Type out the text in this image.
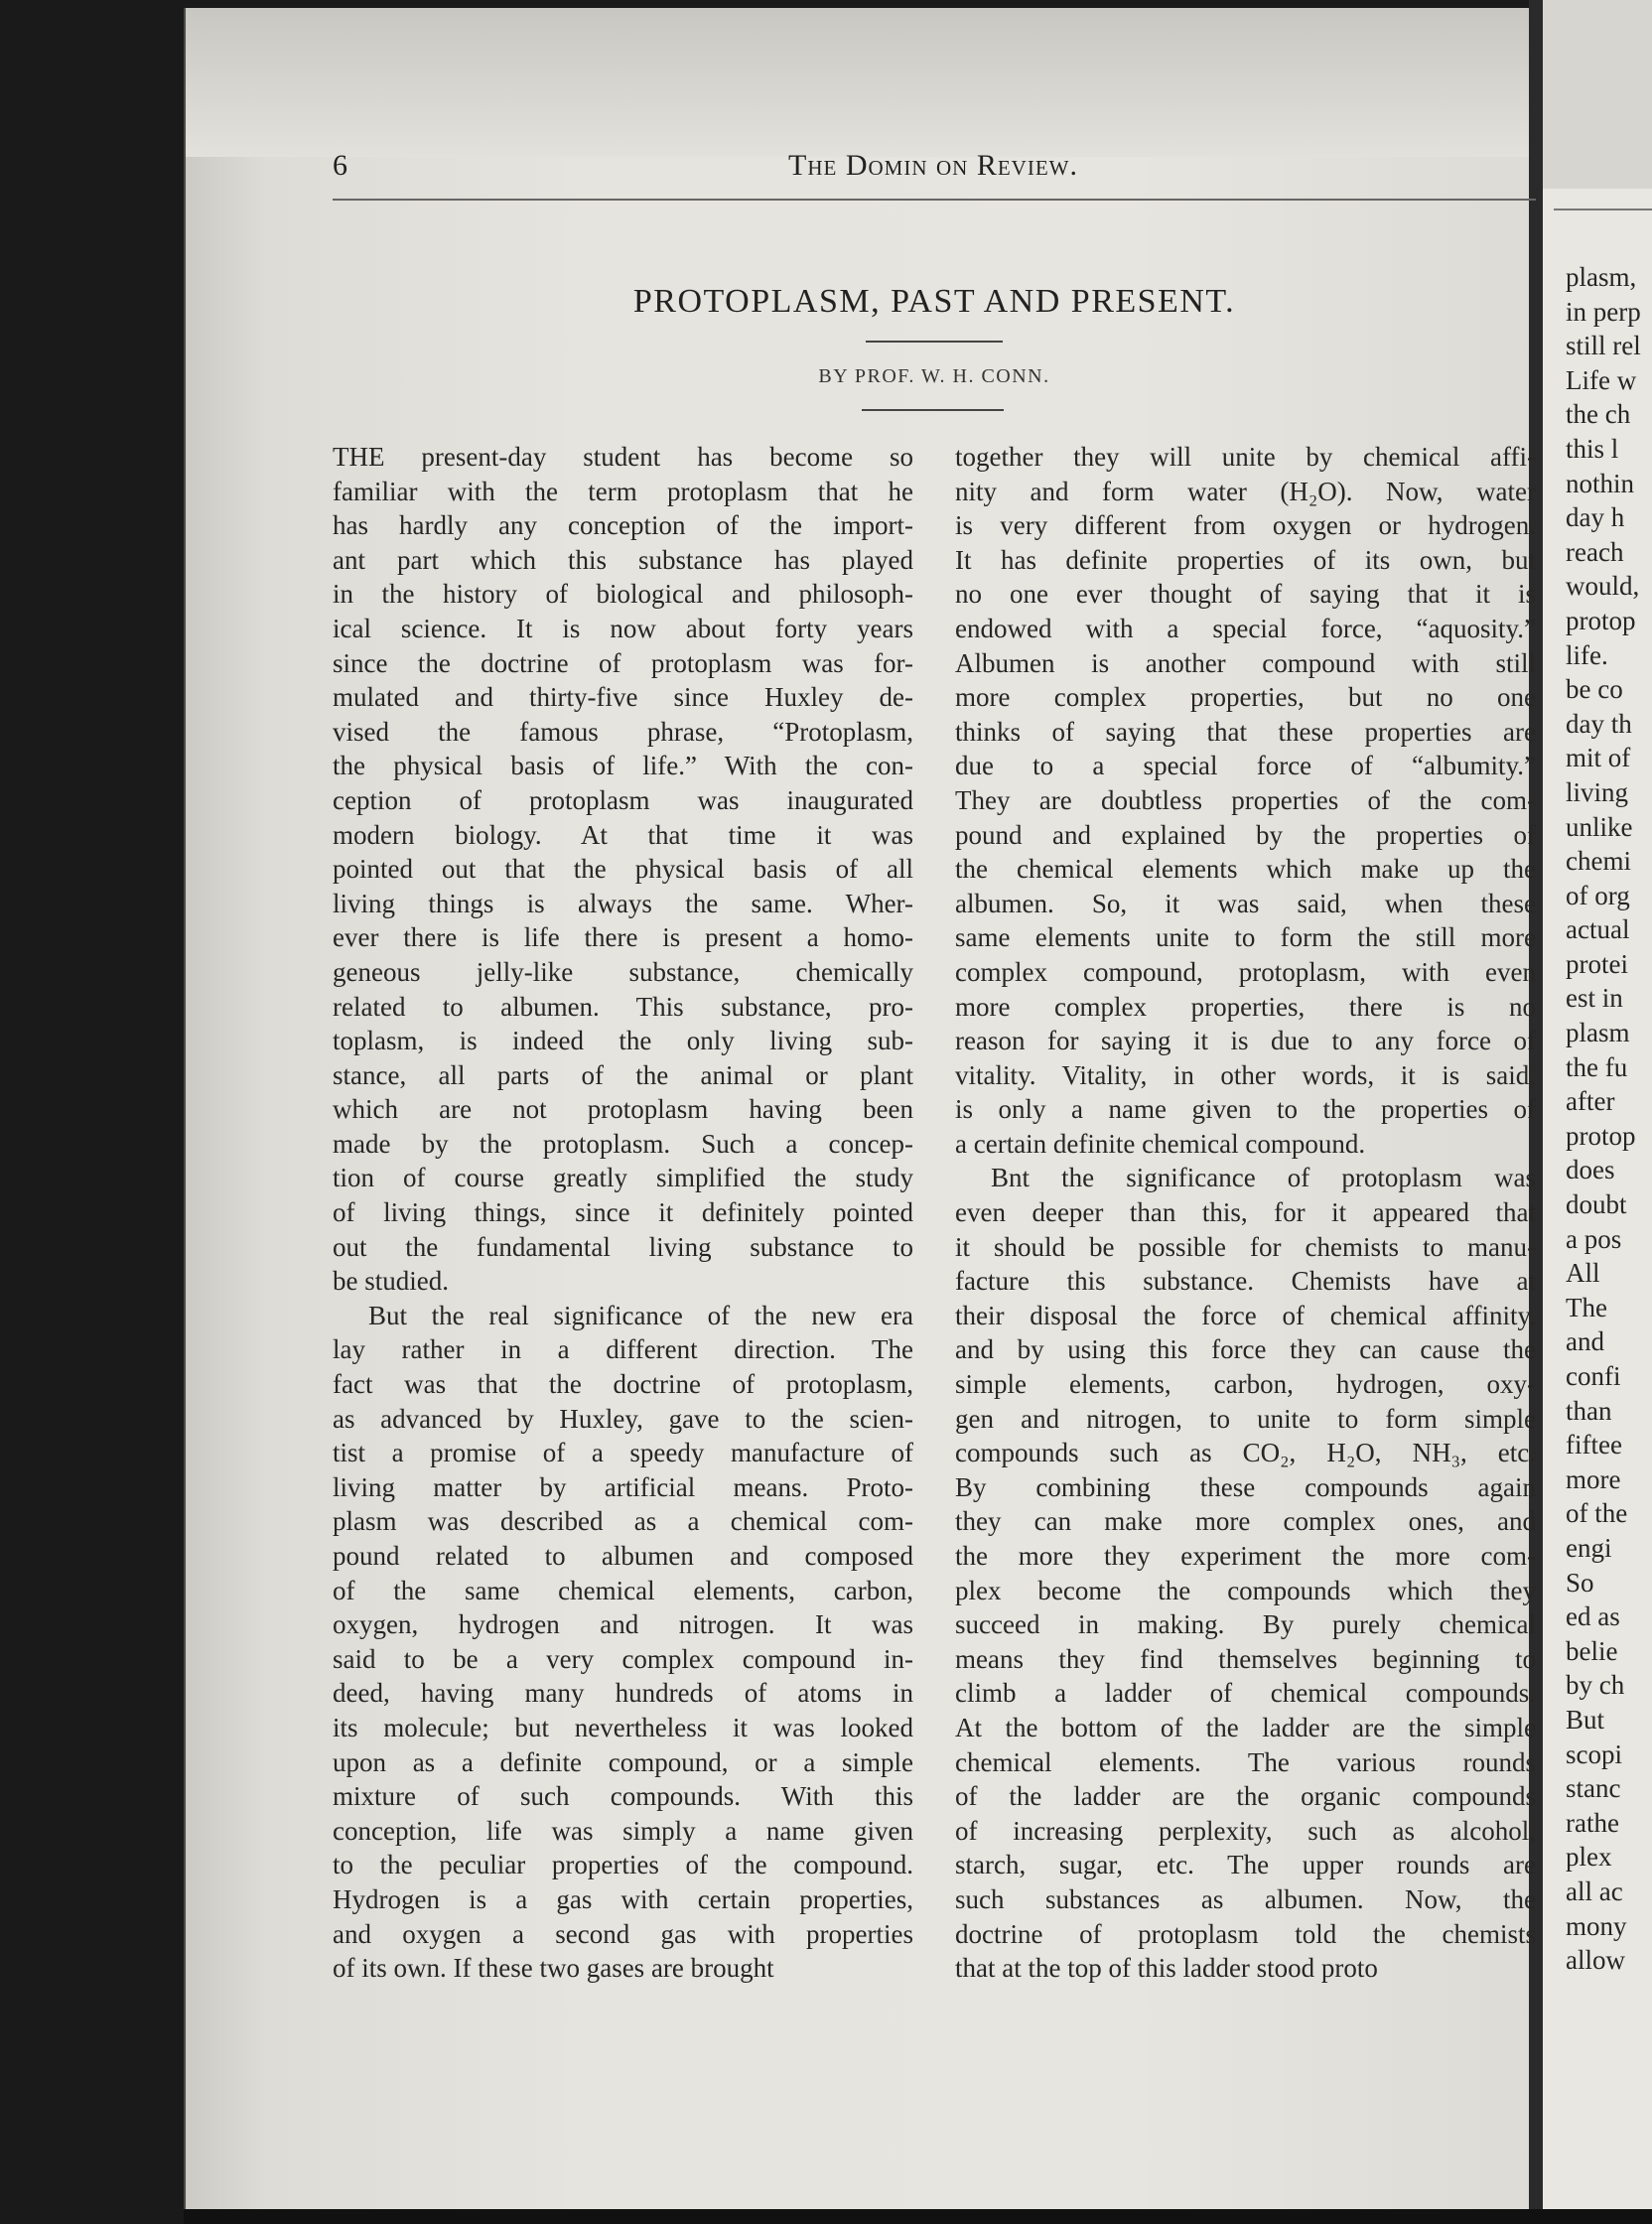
6	The Domin on Review.
PROTOPLASM, PAST AND PRESENT.
BY PROF. W. H. CONN.
THE present-day student has become so
familiar with the term protoplasm that he
has hardly any conception of the import-
ant part which this substance has played
in the history of biological and philosoph-
ical science. It is now about forty years
since the doctrine of protoplasm was for-
mulated and thirty-five since Huxley de-
vised the famous phrase, “Protoplasm,
the physical basis of life.” With the con-
ception of protoplasm was inaugurated
modern biology. At that time it was
pointed out that the physical basis of all
living things is always the same. Wher-
ever there is life there is present a homo-
geneous jelly-like substance, chemically
related to albumen. This substance, pro-
toplasm, is indeed the only living sub-
stance, all parts of the animal or plant
which are not protoplasm having been
made by the protoplasm. Such a concep-
tion of course greatly simplified the study
of living things, since it definitely pointed
out the fundamental living substance to
be studied.
But the real significance of the new era
lay rather in a different direction. The
fact was that the doctrine of protoplasm,
as advanced by Huxley, gave to the scien-
tist a promise of a speedy manufacture of
living matter by artificial means. Proto-
plasm was described as a chemical com-
pound related to albumen and composed
of the same chemical elements, carbon,
oxygen, hydrogen and nitrogen. It was
said to be a very complex compound in-
deed, having many hundreds of atoms in
its molecule; but nevertheless it was looked
upon as a definite compound, or a simple
mixture of such compounds. With this
conception, life was simply a name given
to the peculiar properties of the compound.
Hydrogen is a gas with certain properties,
and oxygen a second gas with properties
of its own. If these two gases are brought
together they will unite by chemical affi-
nity and form water (H₂O). Now, water
is very different from oxygen or hydrogen.
It has definite properties of its own, but
no one ever thought of saying that it is
endowed with a special force, “aquosity.”
Albumen is another compound with still
more complex properties, but no one
thinks of saying that these properties are
due to a special force of “albumity.”
They are doubtless properties of the com-
pound and explained by the properties of
the chemical elements which make up the
albumen. So, it was said, when these
same elements unite to form the still more
complex compound, protoplasm, with even
more complex properties, there is no
reason for saying it is due to any force of
vitality. Vitality, in other words, it is said,
is only a name given to the properties of
a certain definite chemical compound.
Bnt the significance of protoplasm was
even deeper than this, for it appeared that
it should be possible for chemists to manu-
facture this substance. Chemists have at
their disposal the force of chemical affinity,
and by using this force they can cause the
simple elements, carbon, hydrogen, oxy-
gen and nitrogen, to unite to form simple
compounds such as CO₂, H₂O, NH₃, etc.
By combining these compounds again
they can make more complex ones, and
the more they experiment the more com-
plex become the compounds which they
succeed in making. By purely chemical
means they find themselves beginning to
climb a ladder of chemical compounds.
At the bottom of the ladder are the simple
chemical elements. The various rounds
of the ladder are the organic compounds
of increasing perplexity, such as alcohol,
starch, sugar, etc. The upper rounds are
such substances as albumen. Now, the
doctrine of protoplasm told the chemists
that at the top of this ladder stood proto
plasm,
in perp
still rel
Life w
the ch
this l
nothin
day h
reach
would,
protop
life.
be co
day th
mit of
living
unlike
chemi
of org
actual
protei
est in
plasm
the fu
after
protop
does
doubt
a pos
All
The
and
confi
than
fiftee
more
of the
engi
So
ed as
belie
by ch
But
scopi
stanc
rathe
plex
all ac
mony
allow
